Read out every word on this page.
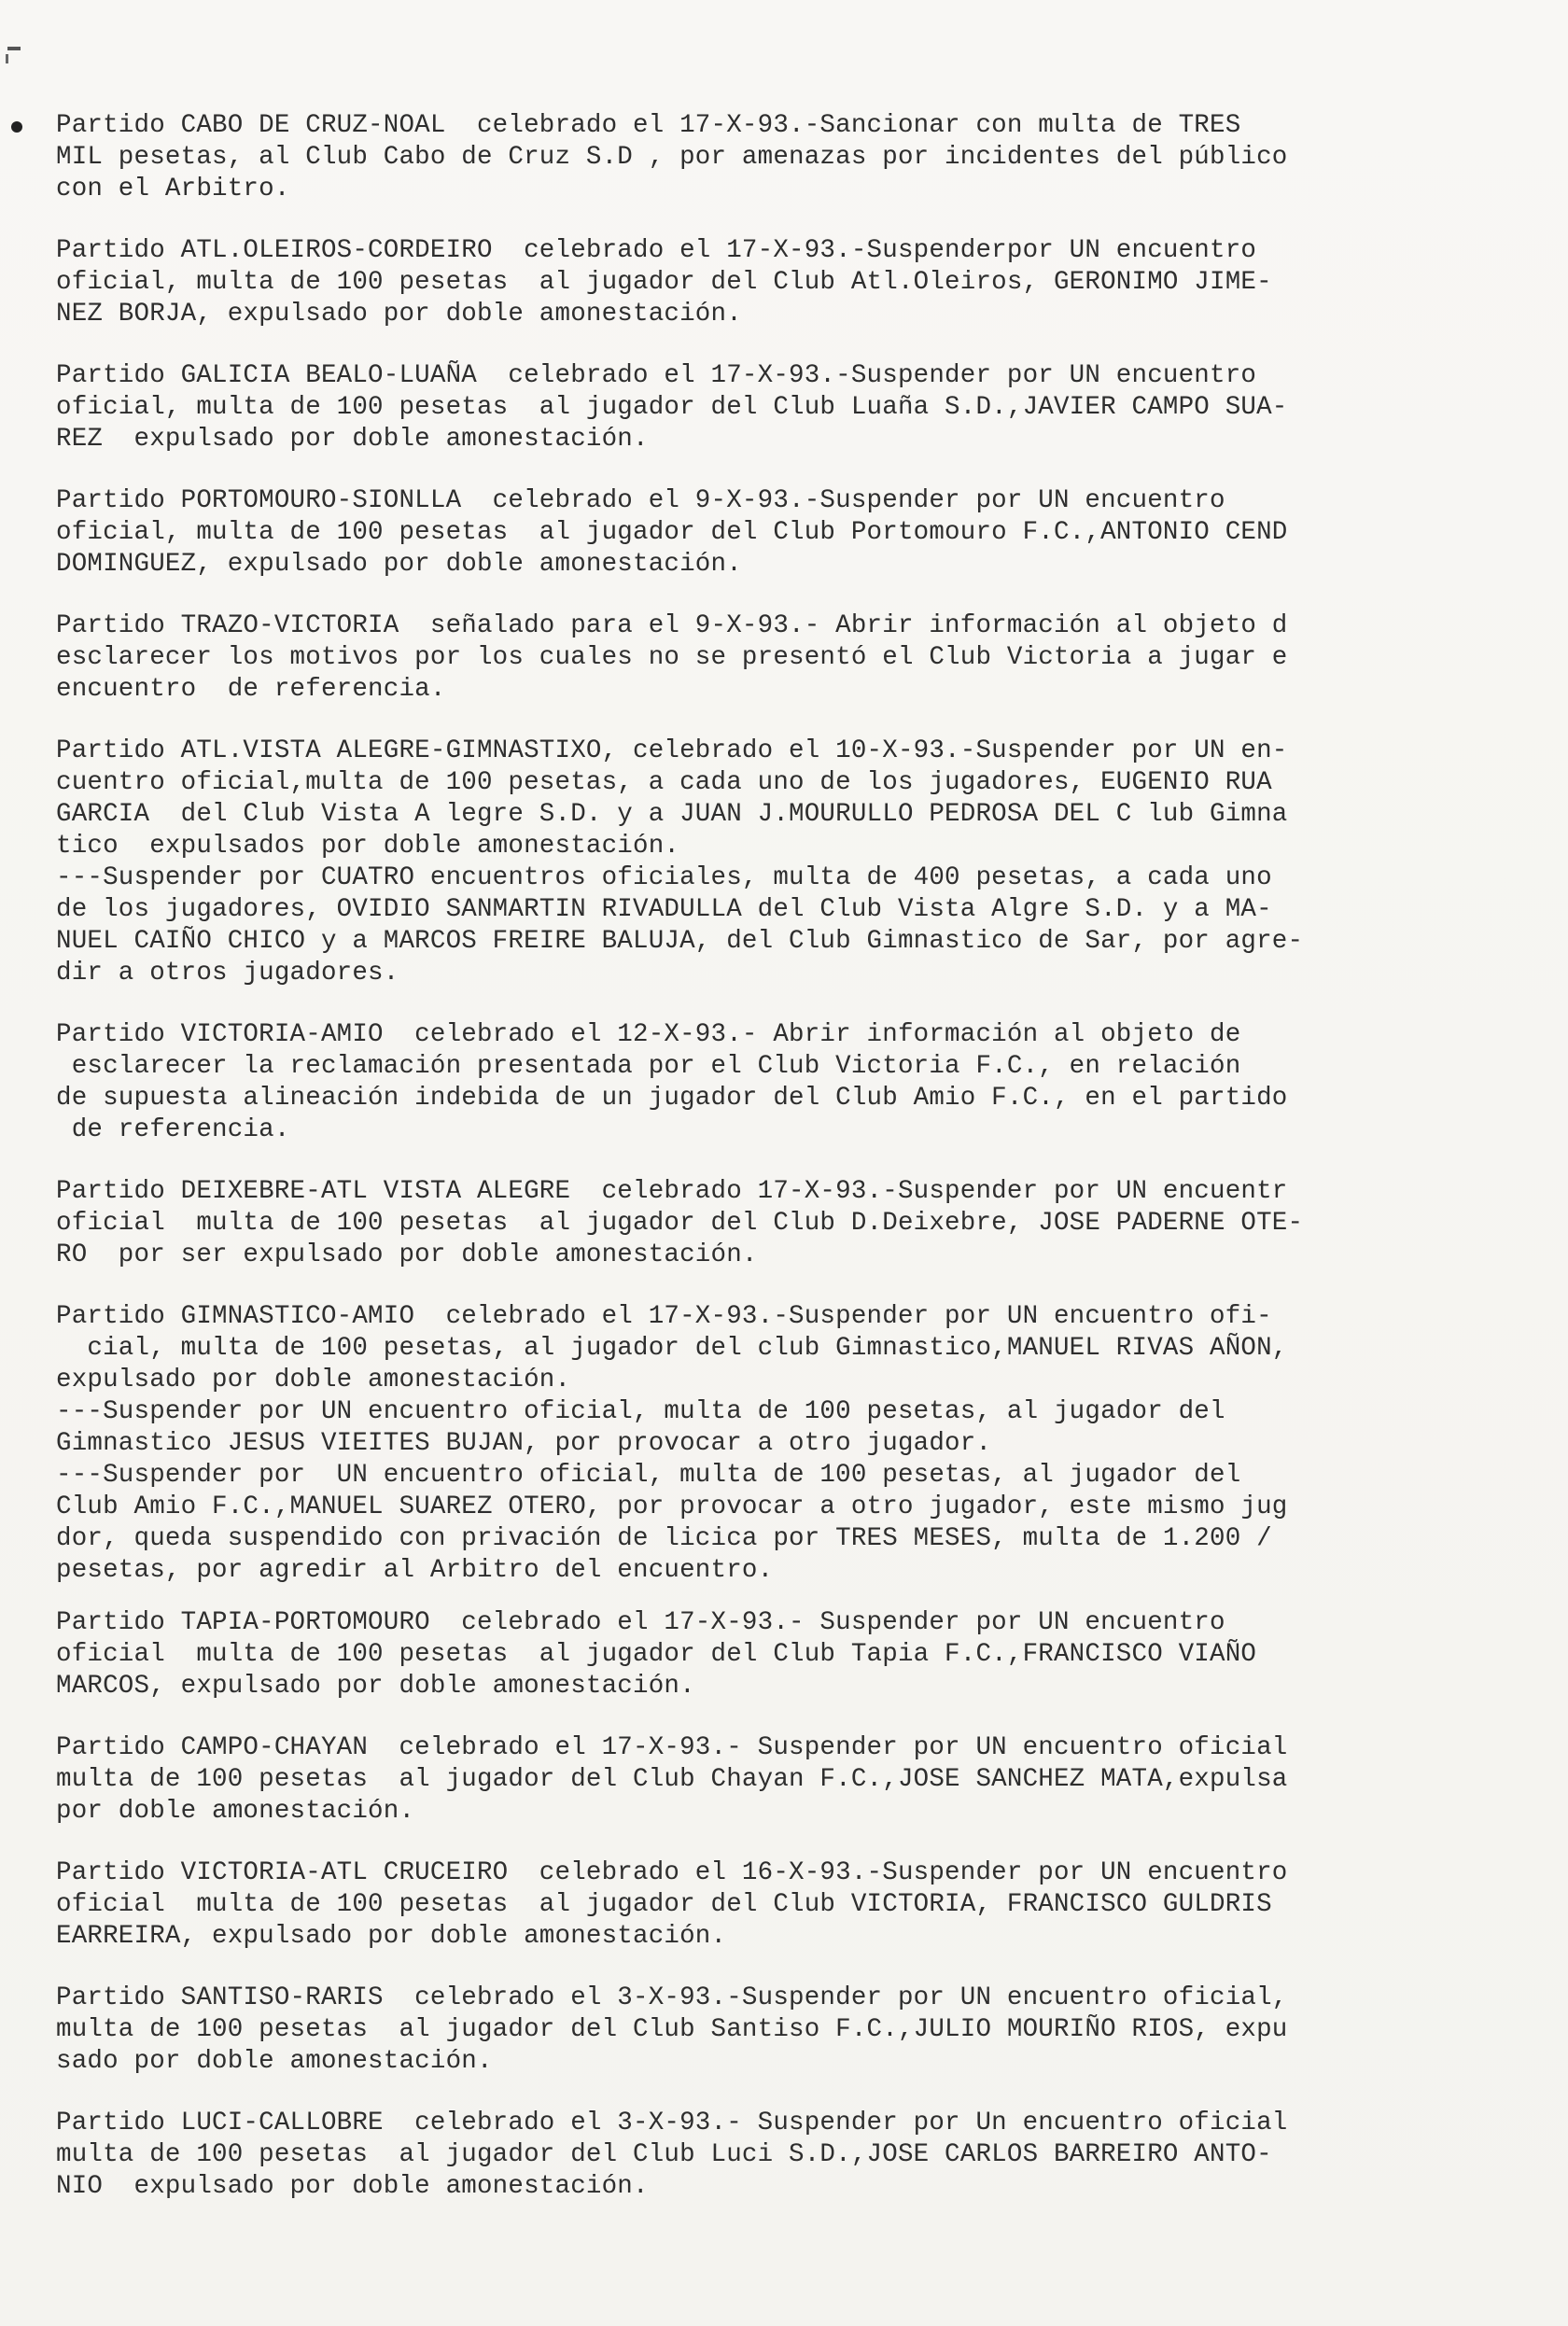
Partido CABO DE CRUZ-NOAL  celebrado el 17-X-93.-Sancionar con multa de TRES
MIL pesetas, al Club Cabo de Cruz S.D , por amenazas por incidentes del público
con el Arbitro.
Partido ATL.OLEIROS-CORDEIRO  celebrado el 17-X-93.-Suspenderpor UN encuentro
oficial, multa de 100 pesetas  al jugador del Club Atl.Oleiros, GERONIMO JIME-
NEZ BORJA, expulsado por doble amonestación.
Partido GALICIA BEALO-LUAÑA  celebrado el 17-X-93.-Suspender por UN encuentro
oficial, multa de 100 pesetas  al jugador del Club Luaña S.D.,JAVIER CAMPO SUA-
REZ  expulsado por doble amonestación.
Partido PORTOMOURO-SIONLLA  celebrado el 9-X-93.-Suspender por UN encuentro
oficial, multa de 100 pesetas  al jugador del Club Portomouro F.C.,ANTONIO CEND
DOMINGUEZ, expulsado por doble amonestación.
Partido TRAZO-VICTORIA  señalado para el 9-X-93.- Abrir información al objeto d
esclarecer los motivos por los cuales no se presentó el Club Victoria a jugar e
encuentro  de referencia.
Partido ATL.VISTA ALEGRE-GIMNASTIXO, celebrado el 10-X-93.-Suspender por UN en-
cuentro oficial,multa de 100 pesetas, a cada uno de los jugadores, EUGENIO RUA
GARCIA  del Club Vista A legre S.D. y a JUAN J.MOURULLO PEDROSA DEL C lub Gimna
tico  expulsados por doble amonestación.
---Suspender por CUATRO encuentros oficiales, multa de 400 pesetas, a cada uno
de los jugadores, OVIDIO SANMARTIN RIVADULLA del Club Vista Algre S.D. y a MA-
NUEL CAIÑO CHICO y a MARCOS FREIRE BALUJA, del Club Gimnastico de Sar, por agre-
dir a otros jugadores.
Partido VICTORIA-AMIO  celebrado el 12-X-93.- Abrir información al objeto de
esclarecer la reclamación presentada por el Club Victoria F.C., en relación
de supuesta alineación indebida de un jugador del Club Amio F.C., en el partido
de referencia.
Partido DEIXEBRE-ATL VISTA ALEGRE  celebrado 17-X-93.-Suspender por UN encuentr
oficial  multa de 100 pesetas  al jugador del Club D.Deixebre, JOSE PADERNE OTE-
RO  por ser expulsado por doble amonestación.
Partido GIMNASTICO-AMIO  celebrado el 17-X-93.-Suspender por UN encuentro ofi-
cial, multa de 100 pesetas, al jugador del club Gimnastico,MANUEL RIVAS AÑON,
expulsado por doble amonestación.
---Suspender por UN encuentro oficial, multa de 100 pesetas, al jugador del
Gimnastico JESUS VIEITES BUJAN, por provocar a otro jugador.
---Suspender por  UN encuentro oficial, multa de 100 pesetas, al jugador del
Club Amio F.C.,MANUEL SUAREZ OTERO, por provocar a otro jugador, este mismo jug
dor, queda suspendido con privación de licica por TRES MESES, multa de 1.200 /
pesetas, por agredir al Arbitro del encuentro.
Partido TAPIA-PORTOMOURO  celebrado el 17-X-93.- Suspender por UN encuentro
oficial  multa de 100 pesetas  al jugador del Club Tapia F.C.,FRANCISCO VIAÑO
MARCOS, expulsado por doble amonestación.
Partido CAMPO-CHAYAN  celebrado el 17-X-93.- Suspender por UN encuentro oficial
multa de 100 pesetas  al jugador del Club Chayan F.C.,JOSE SANCHEZ MATA,expulsa
por doble amonestación.
Partido VICTORIA-ATL CRUCEIRO  celebrado el 16-X-93.-Suspender por UN encuentro
oficial  multa de 100 pesetas  al jugador del Club VICTORIA, FRANCISCO GULDRIS
EARREIRA, expulsado por doble amonestación.
Partido SANTISO-RARIS  celebrado el 3-X-93.-Suspender por UN encuentro oficial,
multa de 100 pesetas  al jugador del Club Santiso F.C.,JULIO MOURIÑO RIOS, expu
sado por doble amonestación.
Partido LUCI-CALLOBRE  celebrado el 3-X-93.- Suspender por Un encuentro oficial
multa de 100 pesetas  al jugador del Club Luci S.D.,JOSE CARLOS BARREIRO ANTO-
NIO  expulsado por doble amonestación.
